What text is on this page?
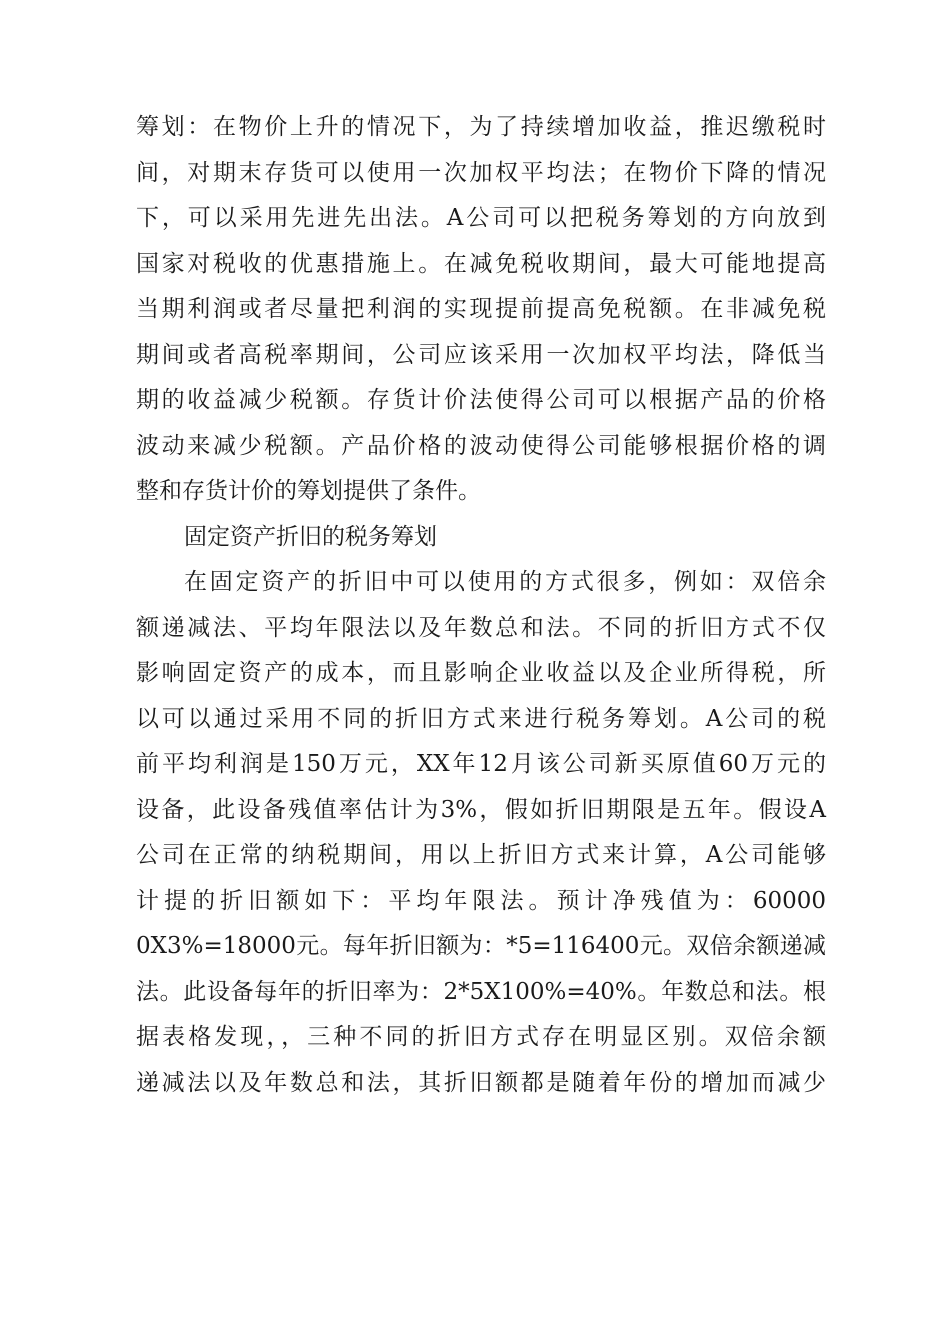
筹划：在物价上升的情况下，为了持续增加收益，推迟缴税时
间，对期末存货可以使用一次加权平均法；在物价下降的情况
下，可以采用先进先出法。A公司可以把税务筹划的方向放到
国家对税收的优惠措施上。在减免税收期间，最大可能地提高
当期利润或者尽量把利润的实现提前提高免税额。在非减免税
期间或者高税率期间，公司应该采用一次加权平均法，降低当
期的收益减少税额。存货计价法使得公司可以根据产品的价格
波动来减少税额。产品价格的波动使得公司能够根据价格的调
整和存货计价的筹划提供了条件。
固定资产折旧的税务筹划
在固定资产的折旧中可以使用的方式很多，例如：双倍余
额递减法、平均年限法以及年数总和法。不同的折旧方式不仅
影响固定资产的成本，而且影响企业收益以及企业所得税，所
以可以通过采用不同的折旧方式来进行税务筹划。A公司的税
前平均利润是150万元，XX年12月该公司新买原值60万元的
设备，此设备残值率估计为3%，假如折旧期限是五年。假设A
公司在正常的纳税期间，用以上折旧方式来计算，A公司能够
计提的折旧额如下：平均年限法。预计净残值为：60000
0X3%=18000元。每年折旧额为：*5=116400元。双倍余额递减
法。此设备每年的折旧率为：2*5X100%=40%。年数总和法。根
据表格发现，，三种不同的折旧方式存在明显区别。双倍余额
递减法以及年数总和法，其折旧额都是随着年份的增加而减少
